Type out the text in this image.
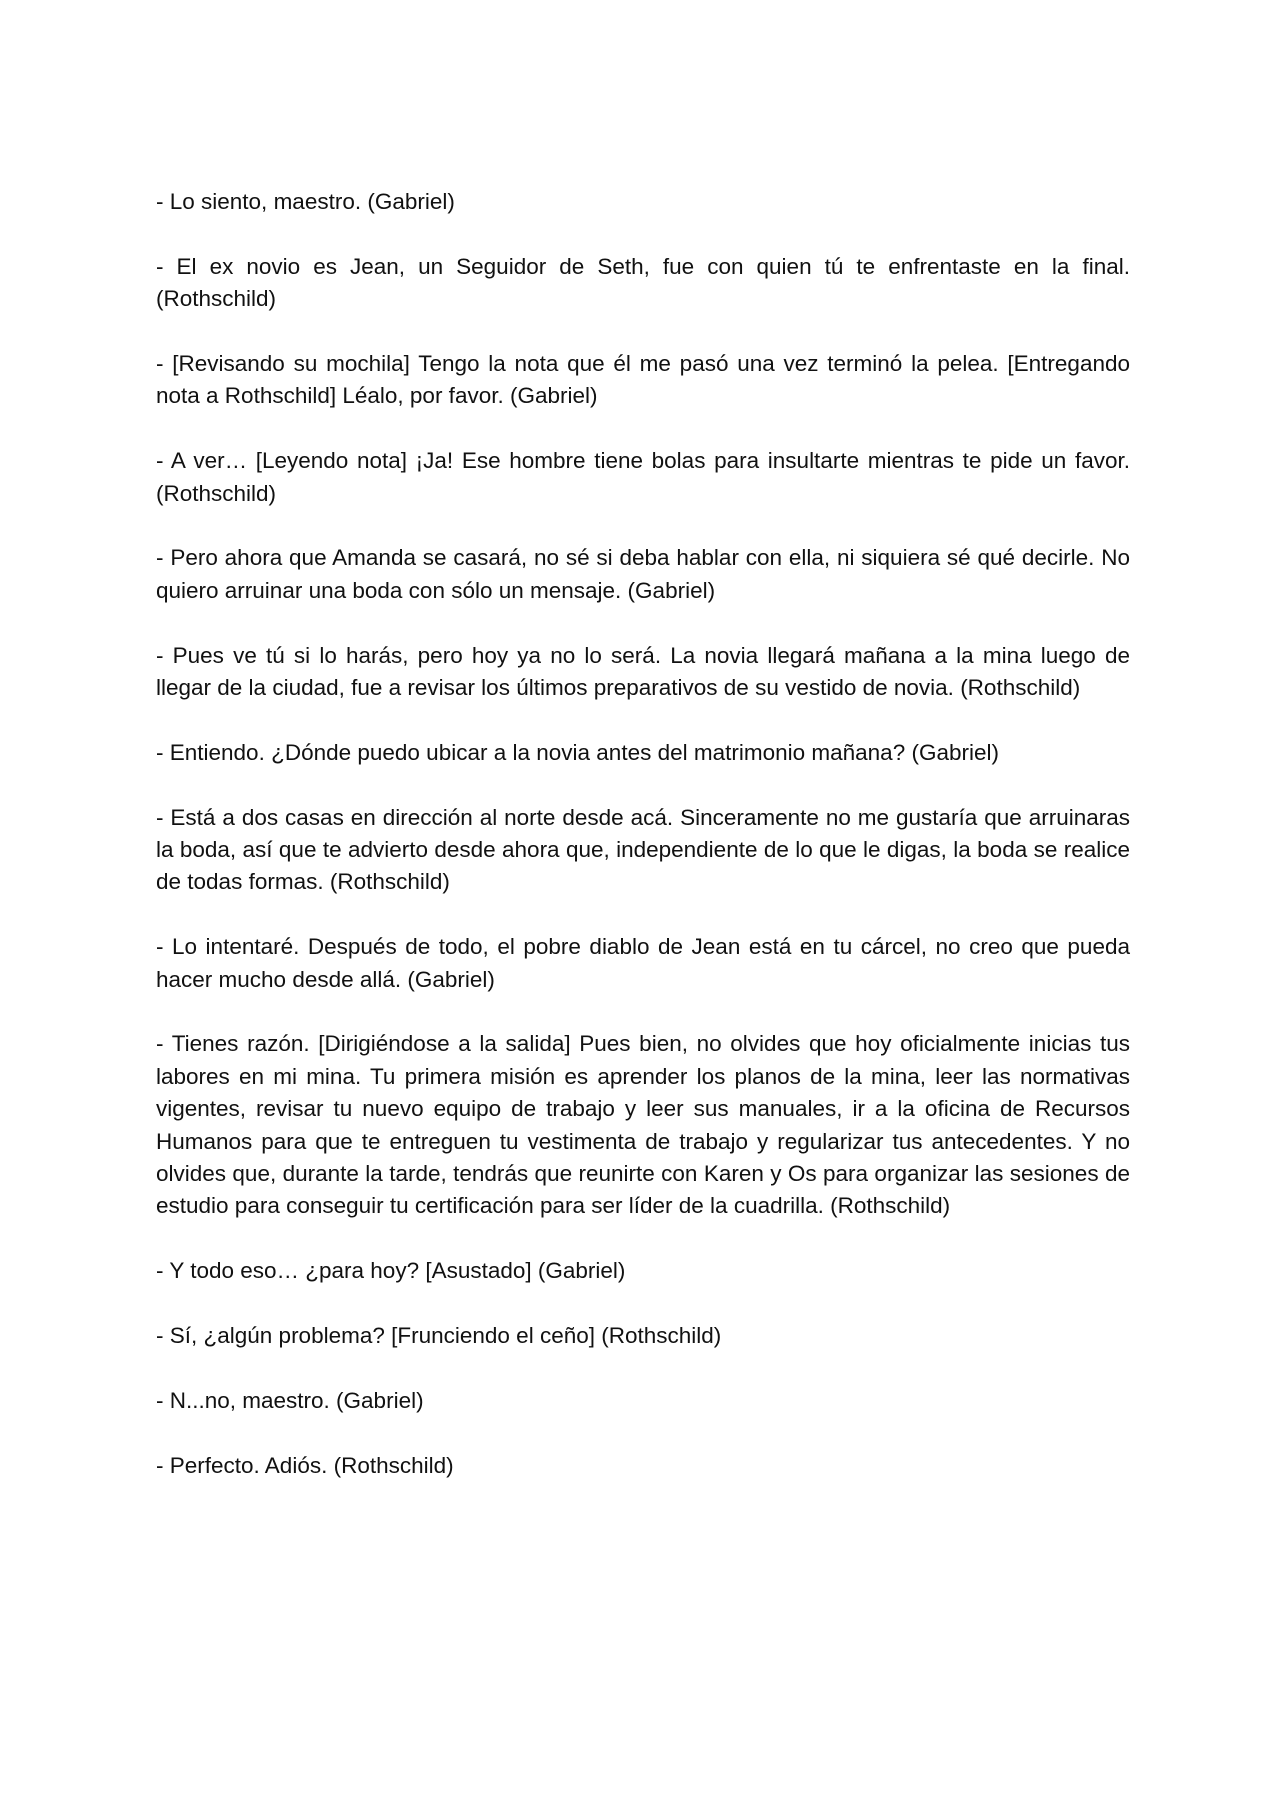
- Lo siento, maestro. (Gabriel)

- El ex novio es Jean, un Seguidor de Seth, fue con quien tú te enfrentaste en la final. (Rothschild)

- [Revisando su mochila] Tengo la nota que él me pasó una vez terminó la pelea. [Entregando nota a Rothschild] Léalo, por favor. (Gabriel)

- A ver… [Leyendo nota] ¡Ja! Ese hombre tiene bolas para insultarte mientras te pide un favor. (Rothschild)

- Pero ahora que Amanda se casará, no sé si deba hablar con ella, ni siquiera sé qué decirle. No quiero arruinar una boda con sólo un mensaje. (Gabriel)

- Pues ve tú si lo harás, pero hoy ya no lo será. La novia llegará mañana a la mina luego de llegar de la ciudad, fue a revisar los últimos preparativos de su vestido de novia. (Rothschild)

- Entiendo. ¿Dónde puedo ubicar a la novia antes del matrimonio mañana? (Gabriel)

- Está a dos casas en dirección al norte desde acá. Sinceramente no me gustaría que arruinaras la boda, así que te advierto desde ahora que, independiente de lo que le digas, la boda se realice de todas formas. (Rothschild)

- Lo intentaré. Después de todo, el pobre diablo de Jean está en tu cárcel, no creo que pueda hacer mucho desde allá. (Gabriel)

- Tienes razón. [Dirigiéndose a la salida] Pues bien, no olvides que hoy oficialmente inicias tus labores en mi mina. Tu primera misión es aprender los planos de la mina, leer las normativas vigentes, revisar tu nuevo equipo de trabajo y leer sus manuales, ir a la oficina de Recursos Humanos para que te entreguen tu vestimenta de trabajo y regularizar tus antecedentes. Y no olvides que, durante la tarde, tendrás que reunirte con Karen y Os para organizar las sesiones de estudio para conseguir tu certificación para ser líder de la cuadrilla. (Rothschild)

- Y todo eso… ¿para hoy? [Asustado] (Gabriel)

- Sí, ¿algún problema? [Frunciendo el ceño] (Rothschild)

- N...no, maestro. (Gabriel)

- Perfecto. Adiós. (Rothschild)
